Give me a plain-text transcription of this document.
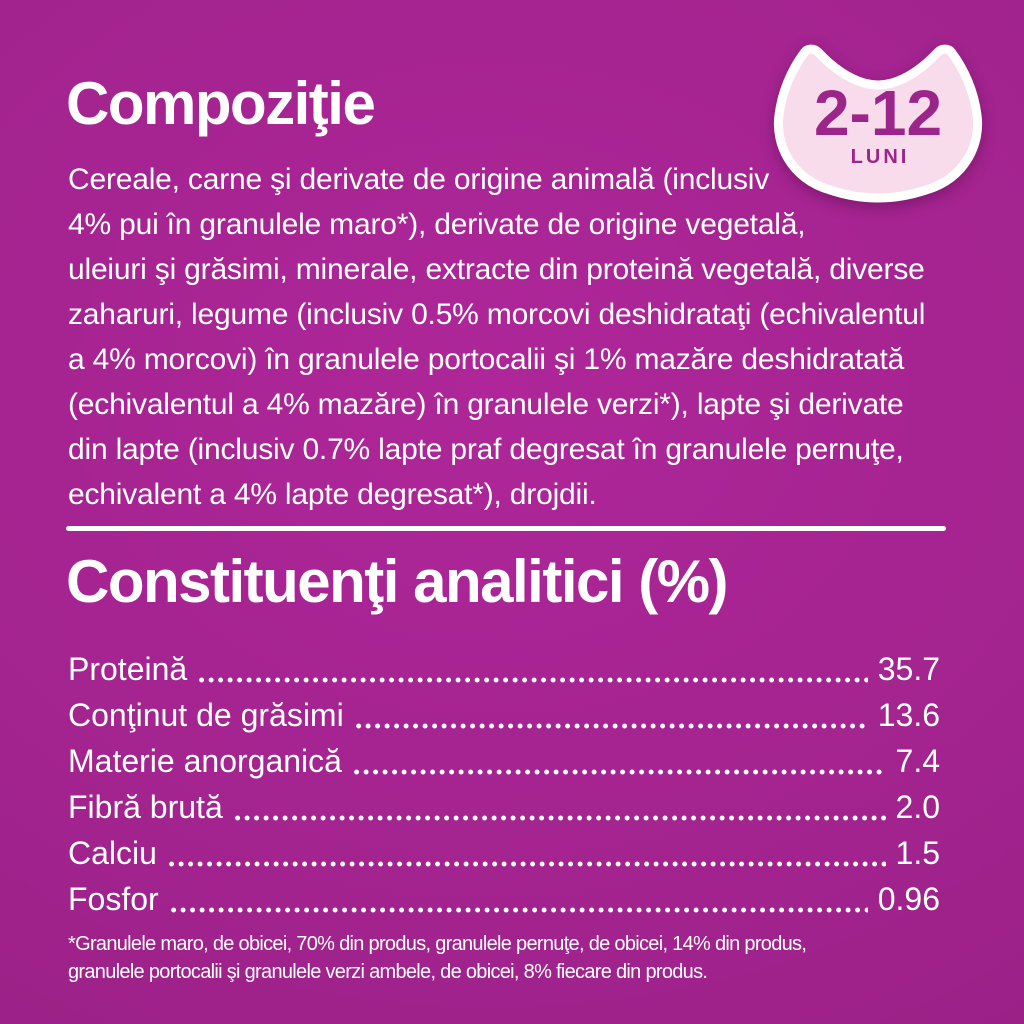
Compoziţie	2-12
LUNI
Cereale, carne şi derivate de origine animală (inclusiv
4% pui în granulele maro*), derivate de origine vegetală,
uleiuri şi grăsimi, minerale, extracte din proteină vegetală, diverse
zaharuri, legume (inclusiv 0.5% morcovi deshidrataţi (echivalentul
a 4% morcovi) în granulele portocalii şi 1% mazăre deshidratată
(echivalentul a 4% mazăre) în granulele verzi*), lapte şi derivate
din lapte (inclusiv 0.7% lapte praf degresat în granulele pernuţe,
echivalent a 4% lapte degresat*), drojdii.
Constituenţi analitici (%)
Proteină	35.7
Conţinut de grăsimi	13.6
Materie anorganică	7.4
Fibră brută	2.0
Calciu	1.5
Fosfor	0.96
*Granulele maro, de obicei, 70% din produs, granulele pernuţe, de obicei, 14% din produs,
granulele portocalii şi granulele verzi ambele, de obicei, 8% fiecare din produs.
